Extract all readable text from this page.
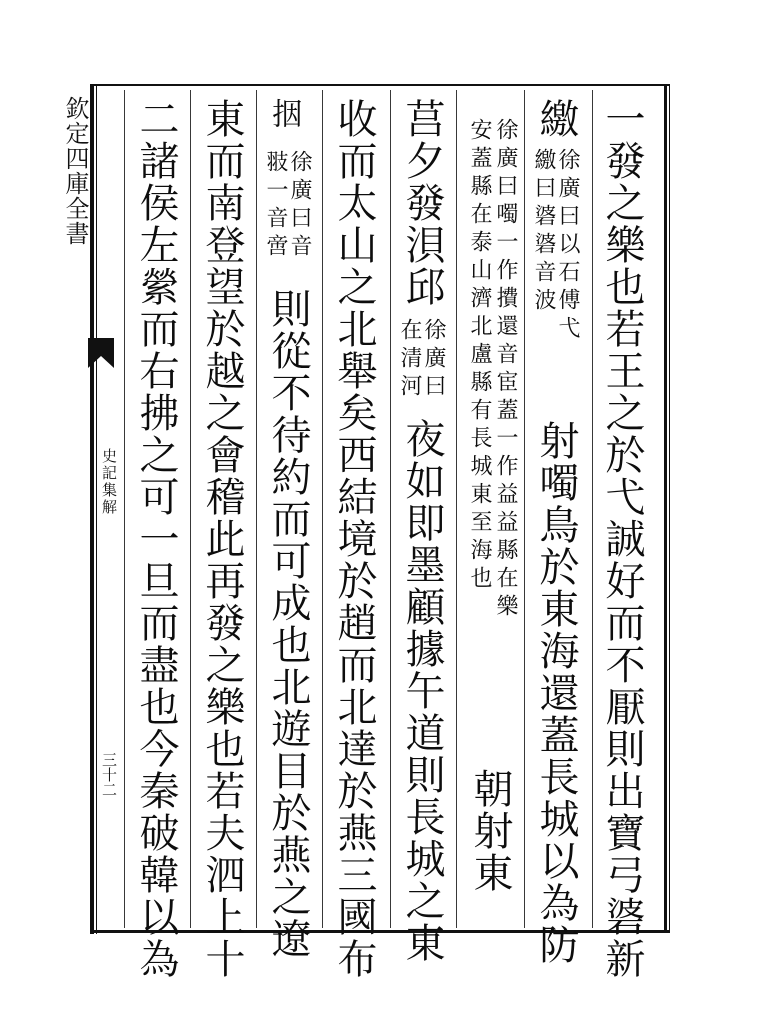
欽定四庫全書
史記集解
三十二	一發之樂也若王之於弋誠好而不厭則出寶弓碆新
繳
徐廣曰以石傅弋
繳曰碆碆音波
射噣鳥於東海還蓋長城以為防
徐廣曰噣一作㩌還音宦蓋一作益益縣在樂
安蓋縣在泰山濟北盧縣有長城東至海也
朝射東
莒夕發浿邱
徐廣曰
在清河
夜如即墨顧據午道則長城之東
收而太山之北舉矣西結境於趙而北達於燕三國布
㧢
徐廣曰音
翄一音啻
則從不待約而可成也北遊目於燕之遼
東而南登望於越之會稽此再發之樂也若夫泗上十
二諸侯左縈而右拂之可一旦而盡也今秦破韓以為
